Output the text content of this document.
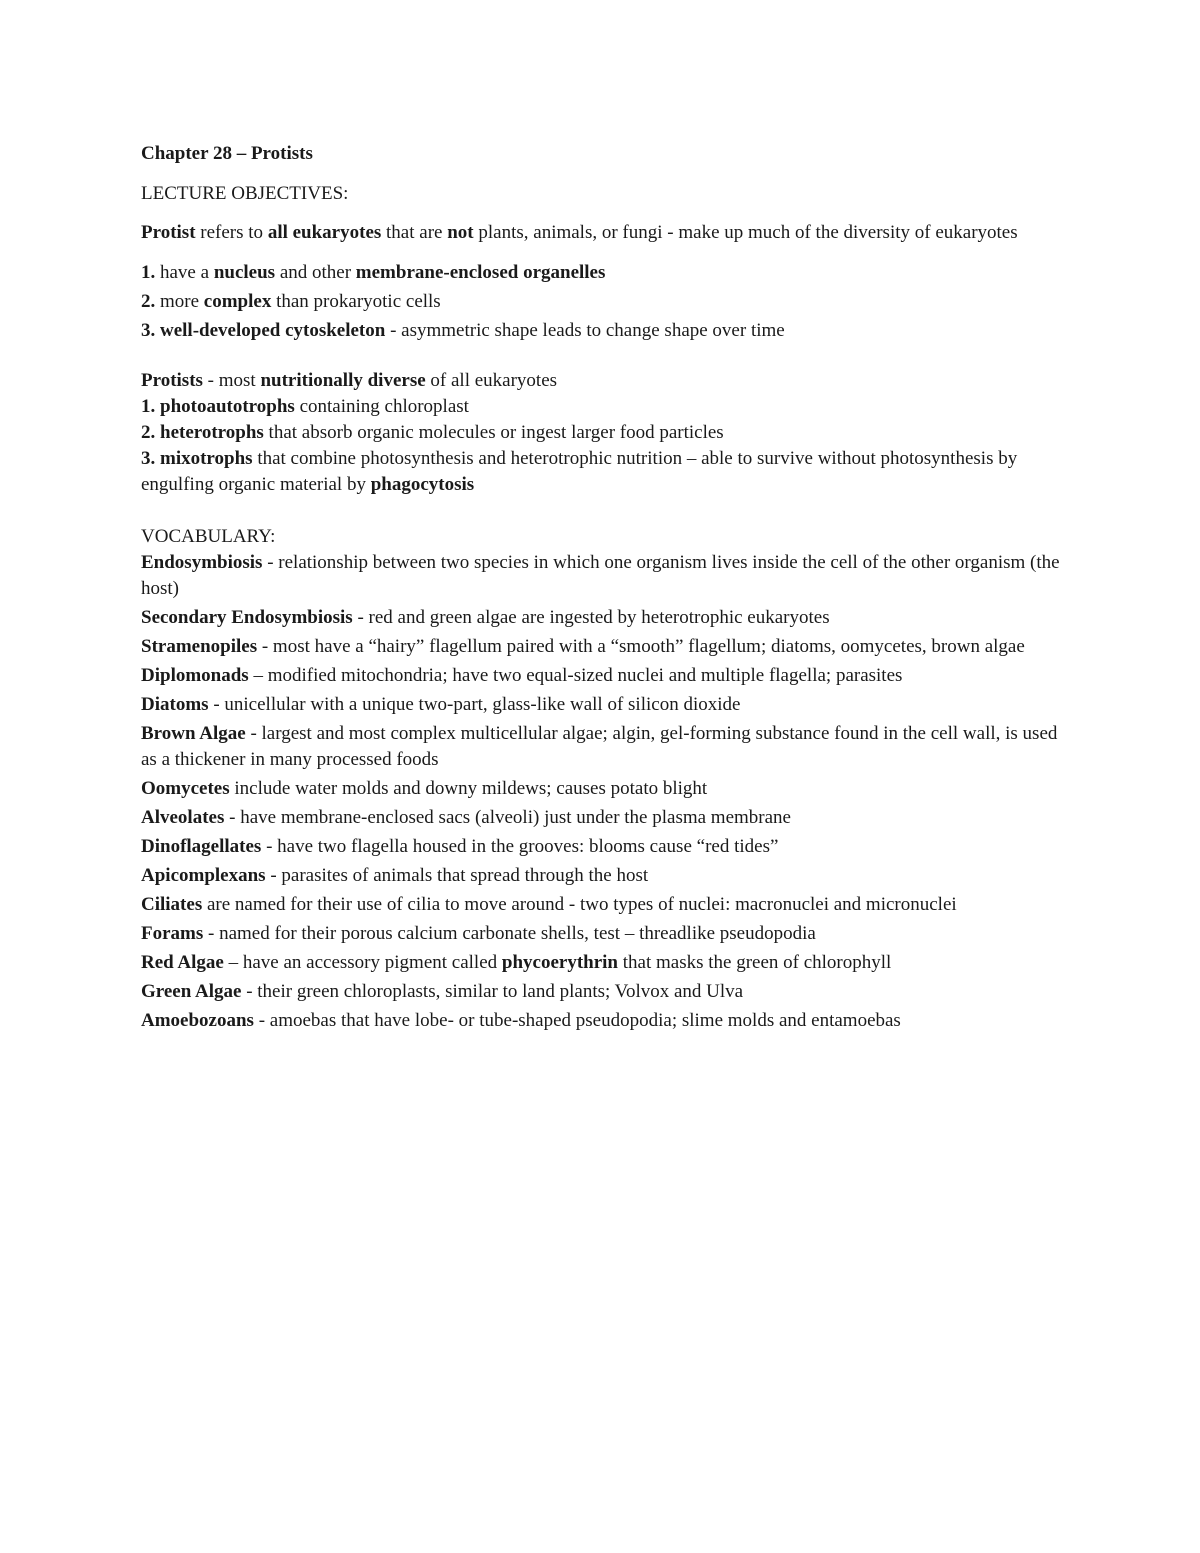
Chapter 28 – Protists

LECTURE OBJECTIVES:

Protist refers to all eukaryotes that are not plants, animals, or fungi - make up much of the diversity of eukaryotes

1. have a nucleus and other membrane-enclosed organelles

2. more complex than prokaryotic cells

3. well-developed cytoskeleton - asymmetric shape leads to change shape over time

Protists - most nutritionally diverse of all eukaryotes

1. photoautotrophs containing chloroplast

2. heterotrophs that absorb organic molecules or ingest larger food particles

3. mixotrophs that combine photosynthesis and heterotrophic nutrition – able to survive without photosynthesis by engulfing organic material by phagocytosis

VOCABULARY:

Endosymbiosis - relationship between two species in which one organism lives inside the cell of the other organism (the host)

Secondary Endosymbiosis - red and green algae are ingested by heterotrophic eukaryotes

Stramenopiles - most have a “hairy” flagellum paired with a “smooth” flagellum; diatoms, oomycetes, brown algae

Diplomonads – modified mitochondria; have two equal-sized nuclei and multiple flagella; parasites

Diatoms - unicellular with a unique two-part, glass-like wall of silicon dioxide

Brown Algae - largest and most complex multicellular algae; algin, gel-forming substance found in the cell wall, is used as a thickener in many processed foods

Oomycetes include water molds and downy mildews; causes potato blight

Alveolates - have membrane-enclosed sacs (alveoli) just under the plasma membrane

Dinoflagellates - have two flagella housed in the grooves: blooms cause “red tides”

Apicomplexans - parasites of animals that spread through the host

Ciliates are named for their use of cilia to move around - two types of nuclei: macronuclei and micronuclei

Forams - named for their porous calcium carbonate shells, test – threadlike pseudopodia

Red Algae – have an accessory pigment called phycoerythrin that masks the green of chlorophyll

Green Algae - their green chloroplasts, similar to land plants; Volvox and Ulva

Amoebozoans - amoebas that have lobe- or tube-shaped pseudopodia; slime molds and entamoebas
